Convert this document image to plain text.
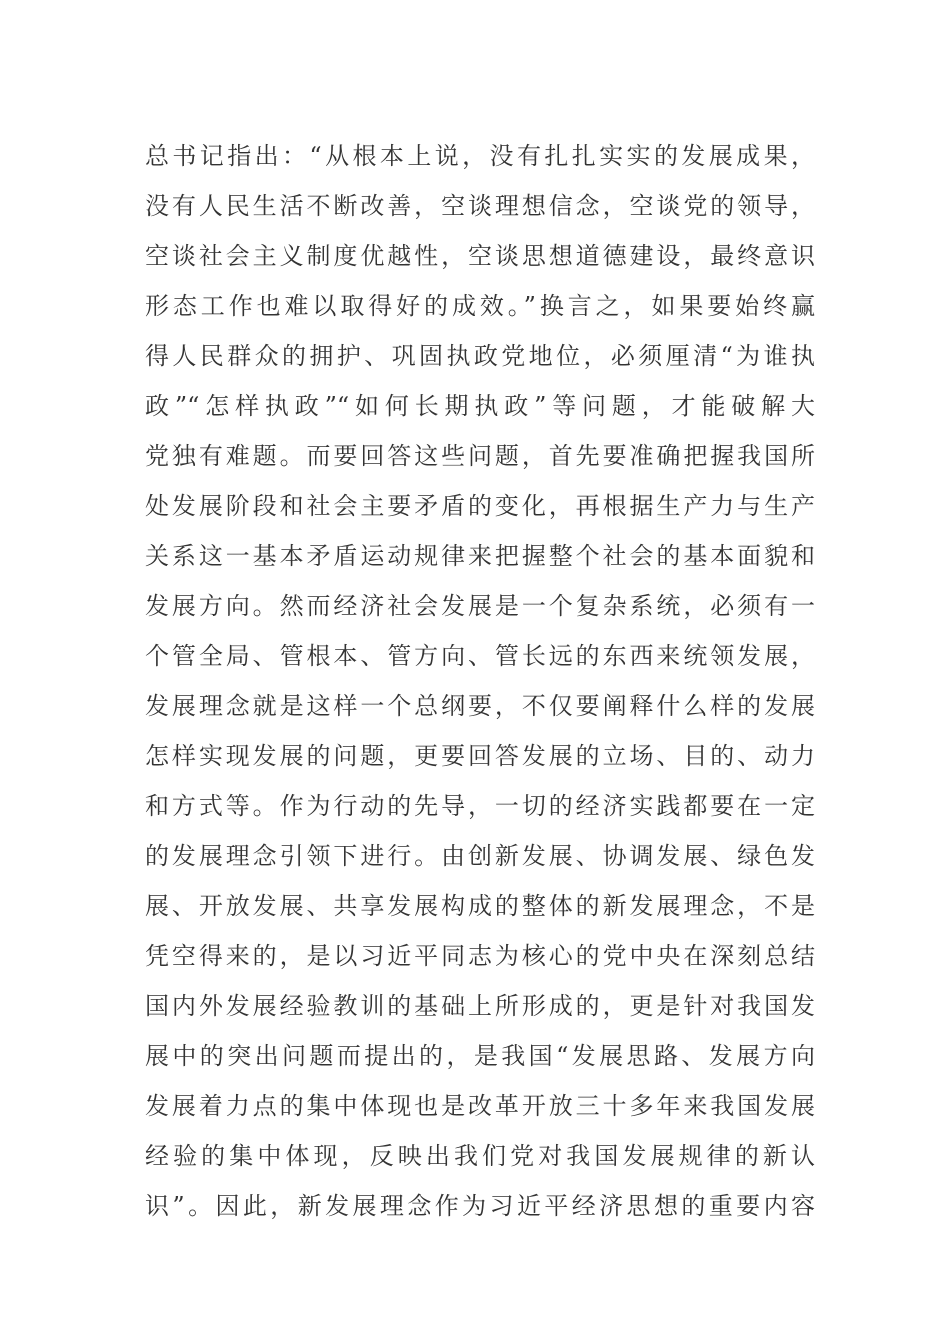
总书记指出：“从根本上说，没有扎扎实实的发展成果，
没有人民生活不断改善，空谈理想信念，空谈党的领导，
空谈社会主义制度优越性，空谈思想道德建设，最终意识
形态工作也难以取得好的成效。”换言之，如果要始终赢
得人民群众的拥护、巩固执政党地位，必须厘清“为谁执
政”“怎样执政”“如何长期执政”等问题，才能破解大
党独有难题。而要回答这些问题，首先要准确把握我国所
处发展阶段和社会主要矛盾的变化，再根据生产力与生产
关系这一基本矛盾运动规律来把握整个社会的基本面貌和
发展方向。然而经济社会发展是一个复杂系统，必须有一
个管全局、管根本、管方向、管长远的东西来统领发展，
发展理念就是这样一个总纲要，不仅要阐释什么样的发展
怎样实现发展的问题，更要回答发展的立场、目的、动力
和方式等。作为行动的先导，一切的经济实践都要在一定
的发展理念引领下进行。由创新发展、协调发展、绿色发
展、开放发展、共享发展构成的整体的新发展理念，不是
凭空得来的，是以习近平同志为核心的党中央在深刻总结
国内外发展经验教训的基础上所形成的，更是针对我国发
展中的突出问题而提出的，是我国“发展思路、发展方向
发展着力点的集中体现也是改革开放三十多年来我国发展
经验的集中体现，反映出我们党对我国发展规律的新认
识”。因此，新发展理念作为习近平经济思想的重要内容
